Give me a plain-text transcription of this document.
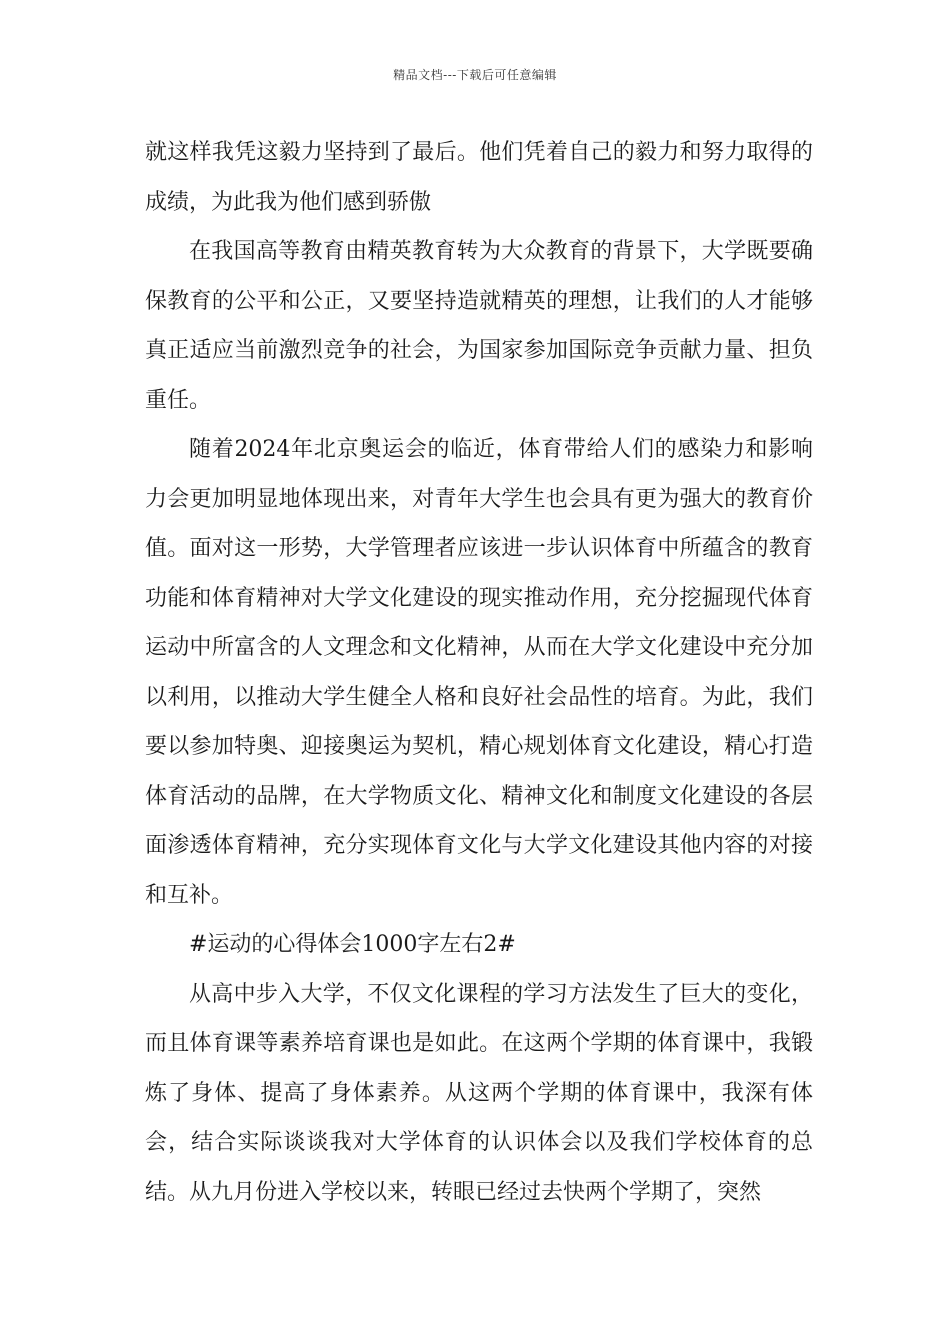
精品文档---下载后可任意编辑

就这样我凭这毅力坚持到了最后。他们凭着自己的毅力和努力取得的成绩，为此我为他们感到骄傲

在我国高等教育由精英教育转为大众教育的背景下，大学既要确保教育的公平和公正，又要坚持造就精英的理想，让我们的人才能够真正适应当前激烈竞争的社会，为国家参加国际竞争贡献力量、担负重任。

随着2024年北京奥运会的临近，体育带给人们的感染力和影响力会更加明显地体现出来，对青年大学生也会具有更为强大的教育价值。面对这一形势，大学管理者应该进一步认识体育中所蕴含的教育功能和体育精神对大学文化建设的现实推动作用，充分挖掘现代体育运动中所富含的人文理念和文化精神，从而在大学文化建设中充分加以利用，以推动大学生健全人格和良好社会品性的培育。为此，我们要以参加特奥、迎接奥运为契机，精心规划体育文化建设，精心打造体育活动的品牌，在大学物质文化、精神文化和制度文化建设的各层面渗透体育精神，充分实现体育文化与大学文化建设其他内容的对接和互补。

#运动的心得体会1000字左右2#

从高中步入大学，不仅文化课程的学习方法发生了巨大的变化，而且体育课等素养培育课也是如此。在这两个学期的体育课中，我锻炼了身体、提高了身体素养。从这两个学期的体育课中，我深有体会，结合实际谈谈我对大学体育的认识体会以及我们学校体育的总结。从九月份进入学校以来，转眼已经过去快两个学期了，突然
